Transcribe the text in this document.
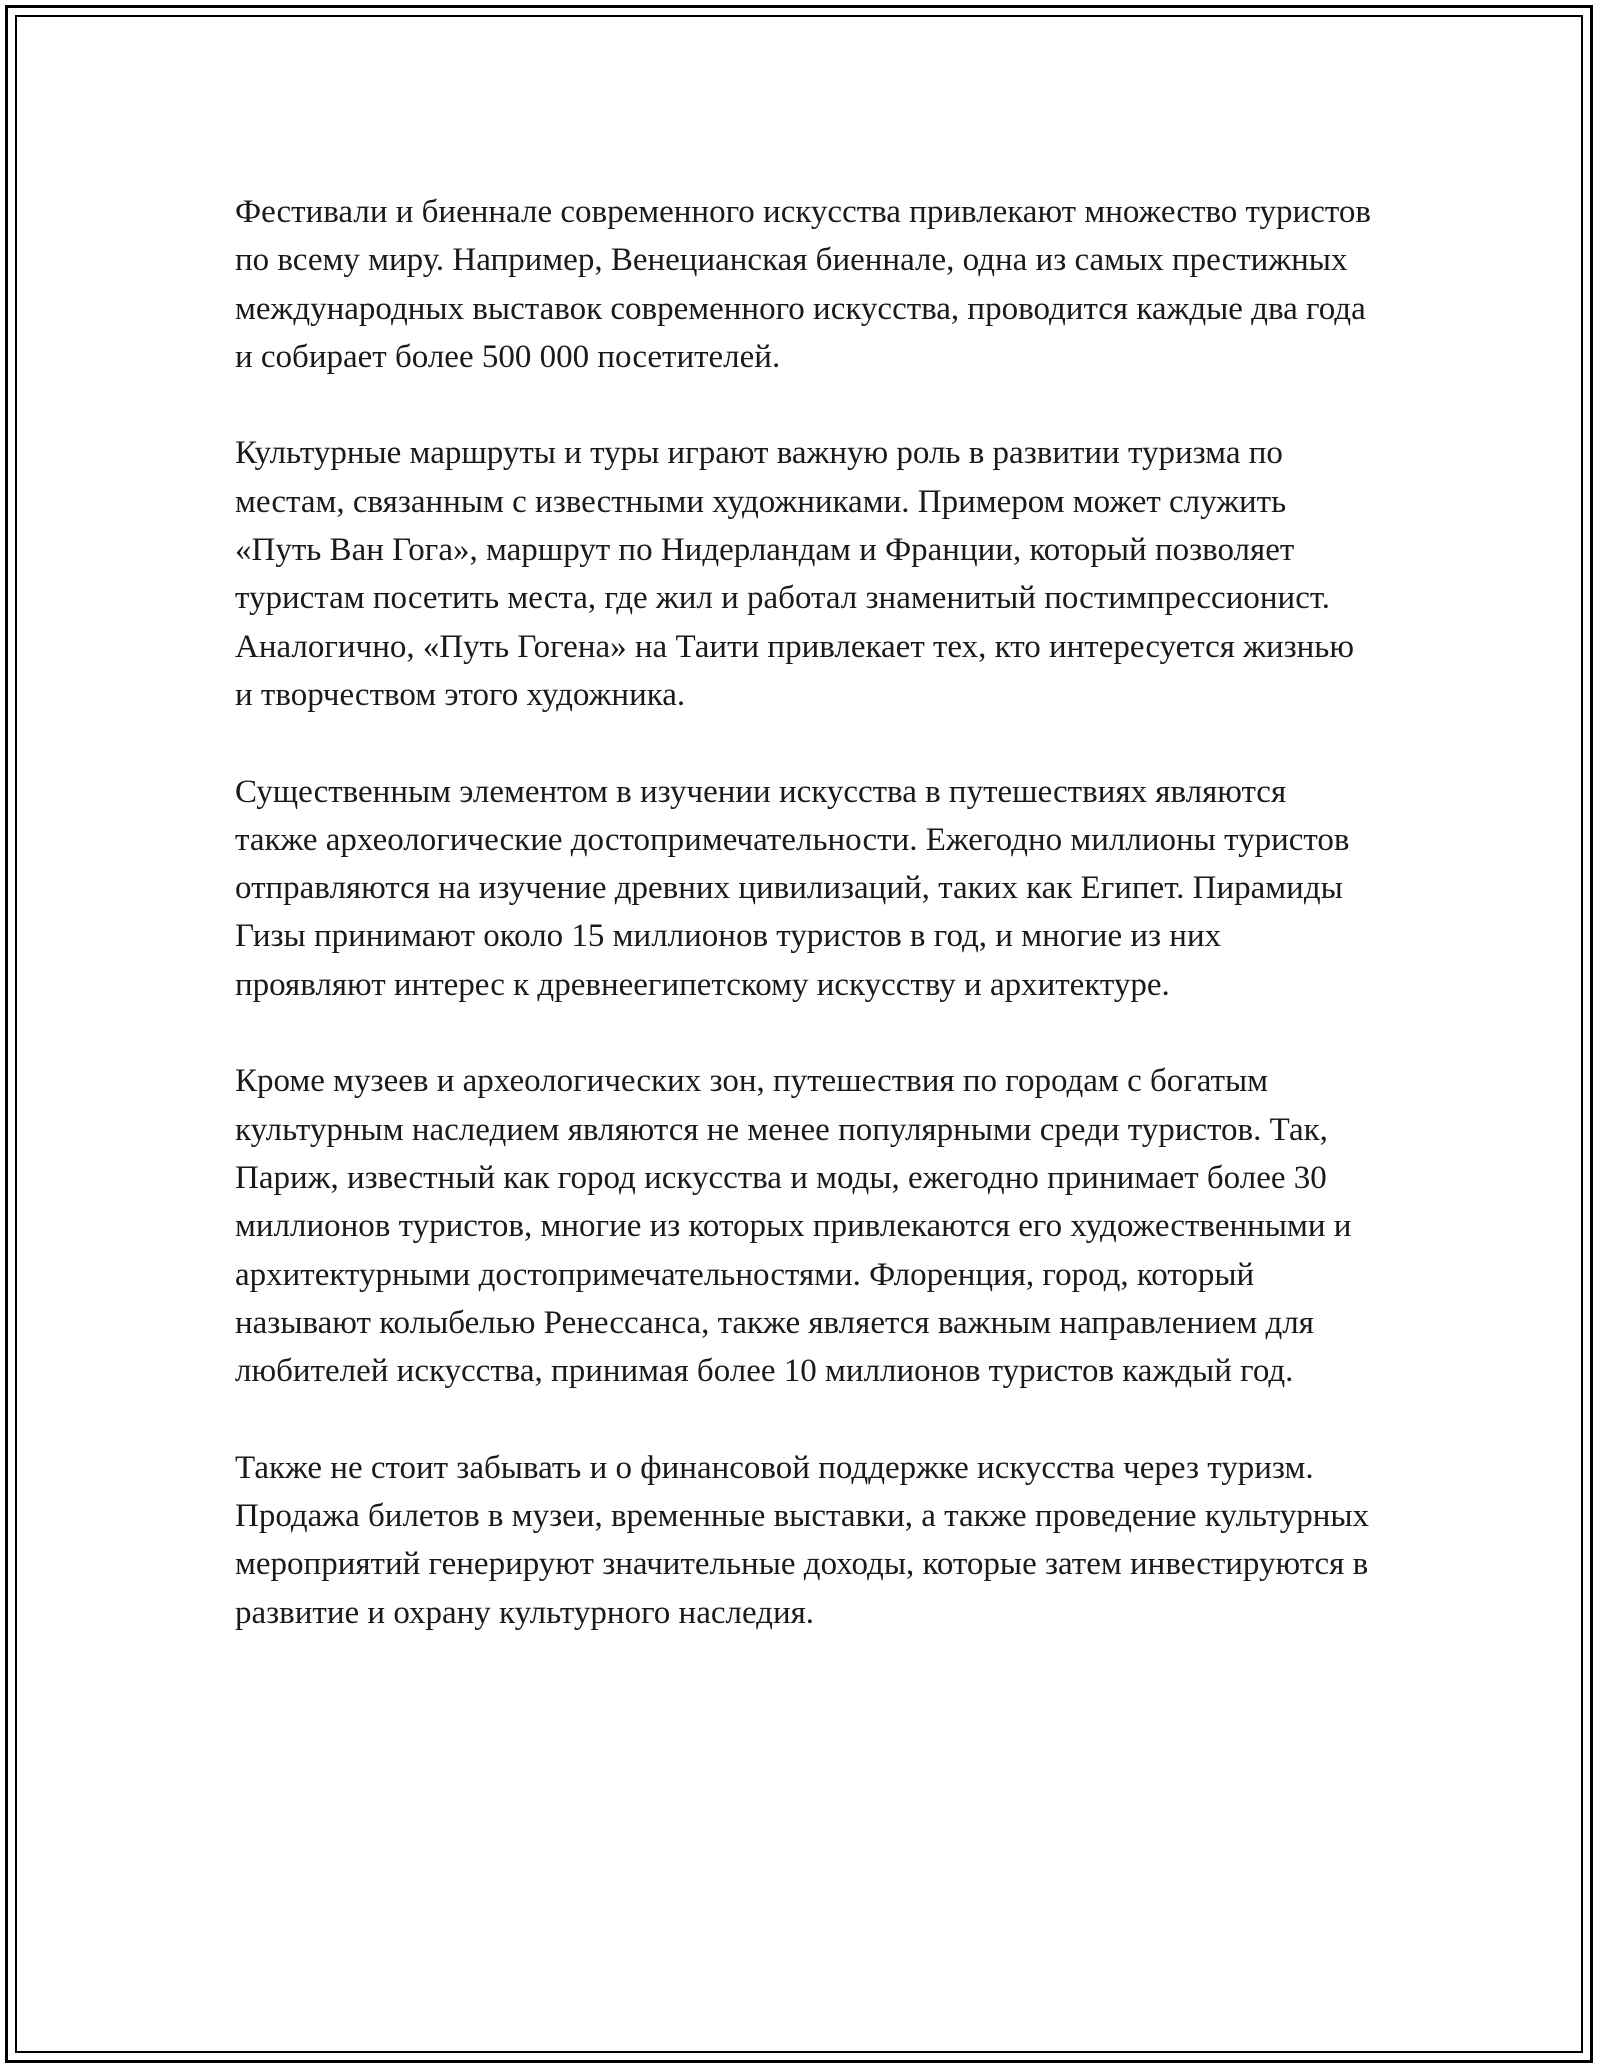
Фестивали и биеннале современного искусства привлекают множество туристов по всему миру. Например, Венецианская биеннале, одна из самых престижных международных выставок современного искусства, проводится каждые два года и собирает более 500 000 посетителей.

Культурные маршруты и туры играют важную роль в развитии туризма по местам, связанным с известными художниками. Примером может служить «Путь Ван Гога», маршрут по Нидерландам и Франции, который позволяет туристам посетить места, где жил и работал знаменитый постимпрессионист. Аналогично, «Путь Гогена» на Таити привлекает тех, кто интересуется жизнью и творчеством этого художника.

Существенным элементом в изучении искусства в путешествиях являются также археологические достопримечательности. Ежегодно миллионы туристов отправляются на изучение древних цивилизаций, таких как Египет. Пирамиды Гизы принимают около 15 миллионов туристов в год, и многие из них проявляют интерес к древнеегипетскому искусству и архитектуре.

Кроме музеев и археологических зон, путешествия по городам с богатым культурным наследием являются не менее популярными среди туристов. Так, Париж, известный как город искусства и моды, ежегодно принимает более 30 миллионов туристов, многие из которых привлекаются его художественными и архитектурными достопримечательностями. Флоренция, город, который называют колыбелью Ренессанса, также является важным направлением для любителей искусства, принимая более 10 миллионов туристов каждый год.

Также не стоит забывать и о финансовой поддержке искусства через туризм. Продажа билетов в музеи, временные выставки, а также проведение культурных мероприятий генерируют значительные доходы, которые затем инвестируются в развитие и охрану культурного наследия.
